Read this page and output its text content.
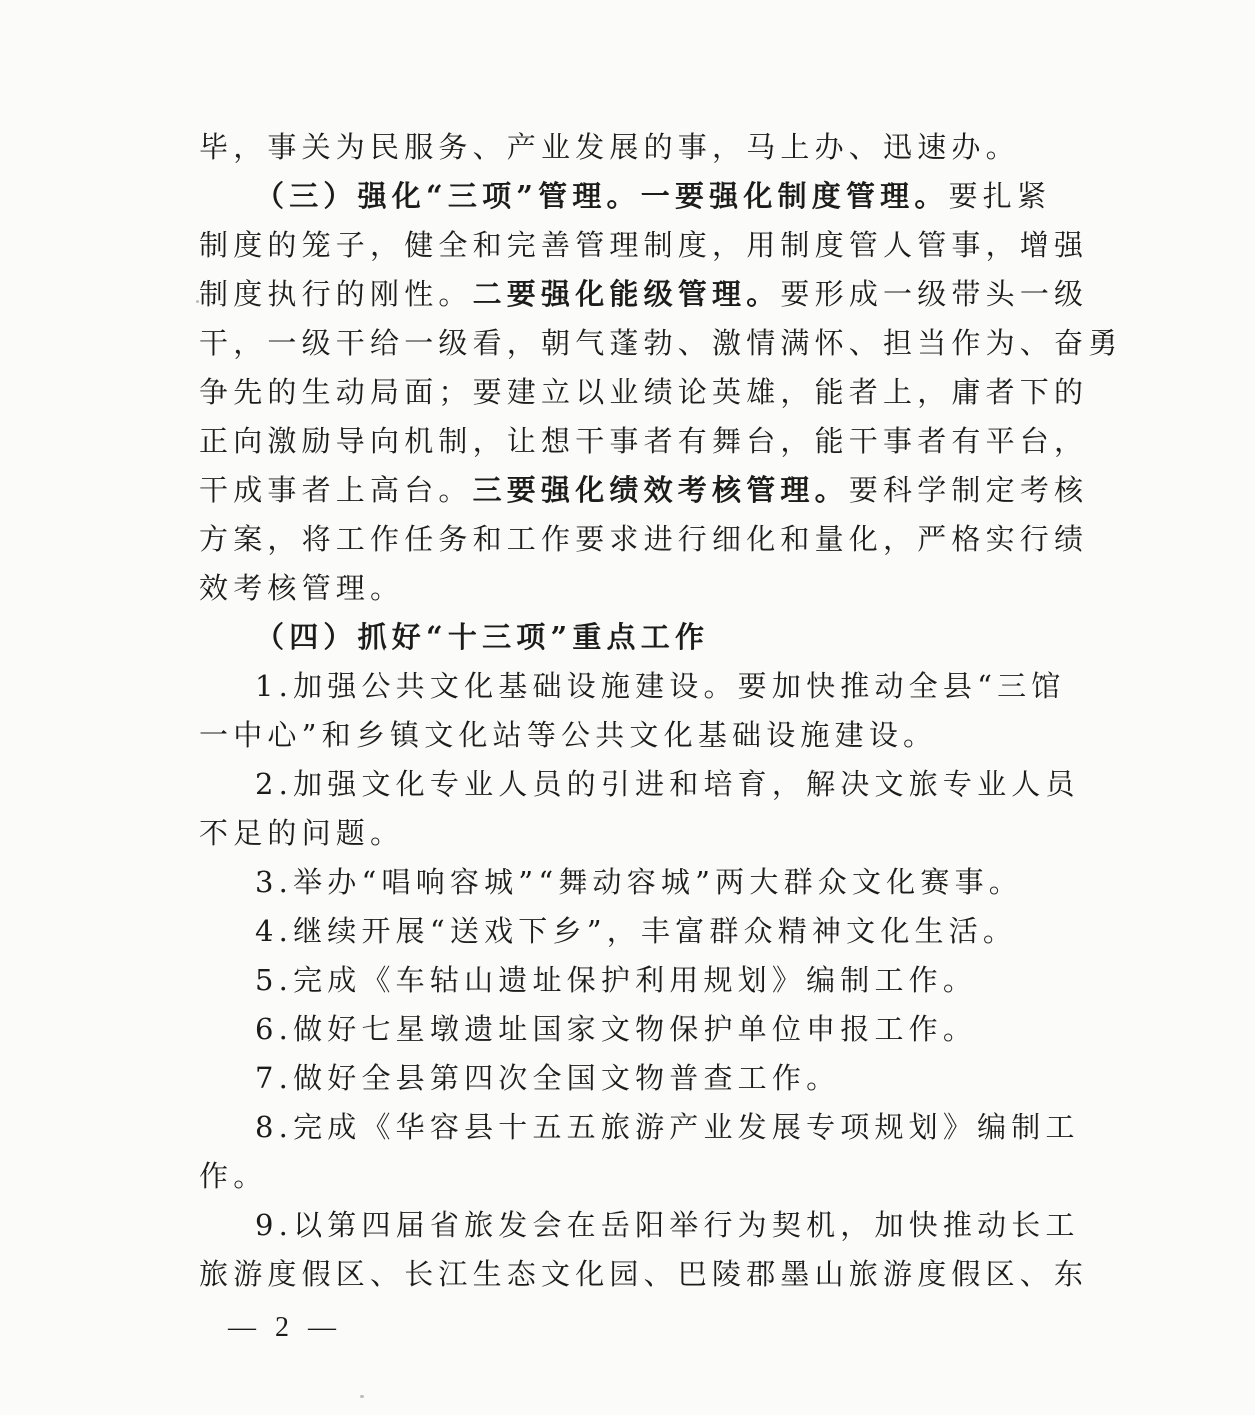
毕，事关为民服务、产业发展的事，马上办、迅速办。
（三）强化“三项”管理。一要强化制度管理。要扎紧
制度的笼子，健全和完善管理制度，用制度管人管事，增强
制度执行的刚性。二要强化能级管理。要形成一级带头一级
干，一级干给一级看，朝气蓬勃、激情满怀、担当作为、奋勇
争先的生动局面；要建立以业绩论英雄，能者上，庸者下的
正向激励导向机制，让想干事者有舞台，能干事者有平台，
干成事者上高台。三要强化绩效考核管理。要科学制定考核
方案，将工作任务和工作要求进行细化和量化，严格实行绩
效考核管理。
（四）抓好“十三项”重点工作
1.加强公共文化基础设施建设。要加快推动全县“三馆
一中心”和乡镇文化站等公共文化基础设施建设。
2.加强文化专业人员的引进和培育，解决文旅专业人员
不足的问题。
3.举办“唱响容城”“舞动容城”两大群众文化赛事。
4.继续开展“送戏下乡”，丰富群众精神文化生活。
5.完成《车轱山遗址保护利用规划》编制工作。
6.做好七星墩遗址国家文物保护单位申报工作。
7.做好全县第四次全国文物普查工作。
8.完成《华容县十五五旅游产业发展专项规划》编制工
作。
9.以第四届省旅发会在岳阳举行为契机，加快推动长工
旅游度假区、长江生态文化园、巴陵郡墨山旅游度假区、东
— 2 —
